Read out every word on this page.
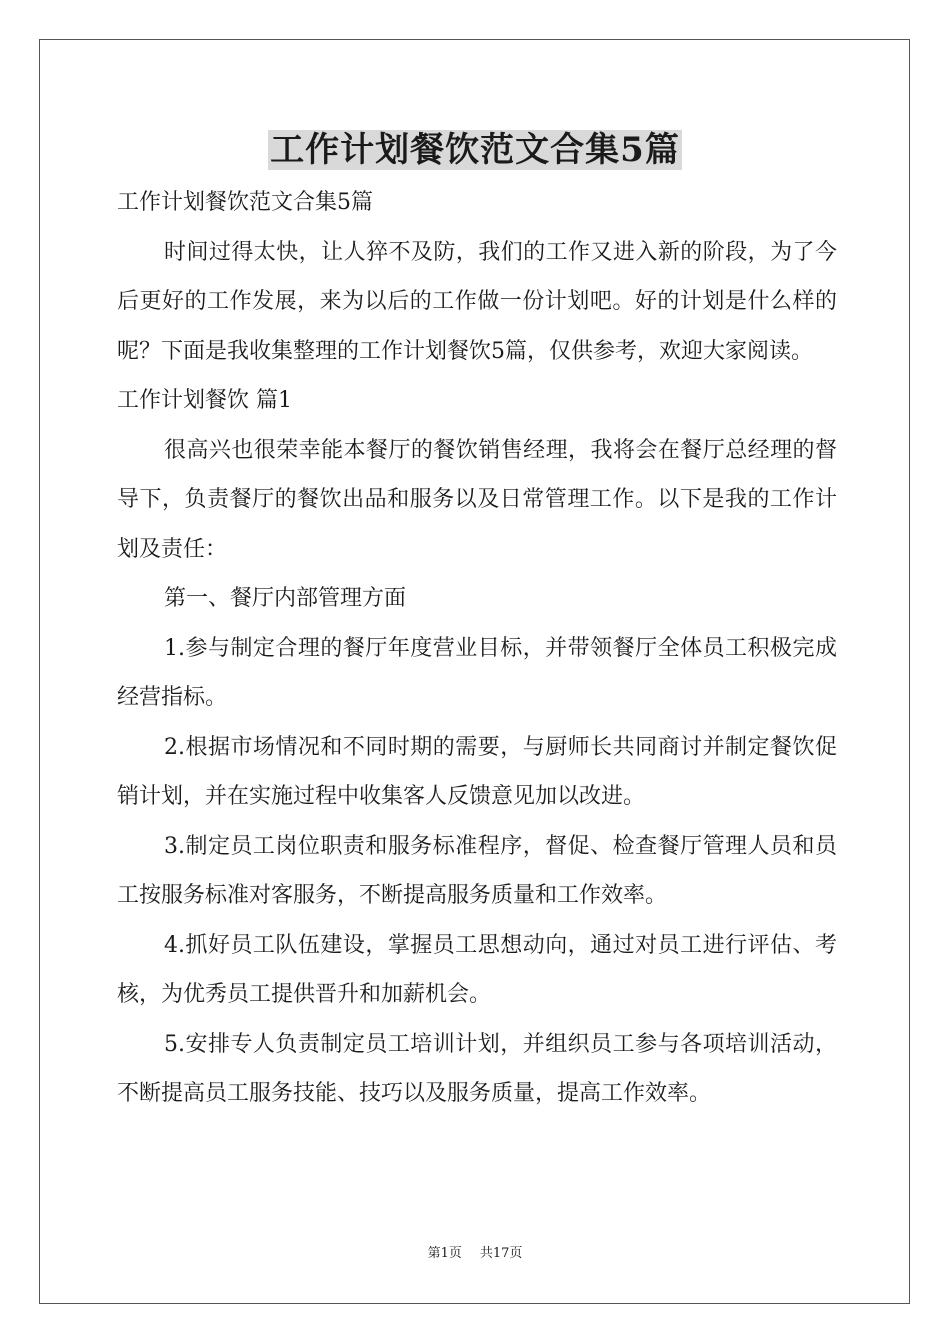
工作计划餐饮范文合集5篇

工作计划餐饮范文合集5篇

时间过得太快，让人猝不及防，我们的工作又进入新的阶段，为了今后更好的工作发展，来为以后的工作做一份计划吧。好的计划是什么样的呢？下面是我收集整理的工作计划餐饮5篇，仅供参考，欢迎大家阅读。

工作计划餐饮 篇1

很高兴也很荣幸能本餐厅的餐饮销售经理，我将会在餐厅总经理的督导下，负责餐厅的餐饮出品和服务以及日常管理工作。以下是我的工作计划及责任：

第一、餐厅内部管理方面

1.参与制定合理的餐厅年度营业目标，并带领餐厅全体员工积极完成经营指标。

2.根据市场情况和不同时期的需要，与厨师长共同商讨并制定餐饮促销计划，并在实施过程中收集客人反馈意见加以改进。

3.制定员工岗位职责和服务标准程序，督促、检查餐厅管理人员和员工按服务标准对客服务，不断提高服务质量和工作效率。

4.抓好员工队伍建设，掌握员工思想动向，通过对员工进行评估、考核，为优秀员工提供晋升和加薪机会。

5.安排专人负责制定员工培训计划，并组织员工参与各项培训活动，不断提高员工服务技能、技巧以及服务质量，提高工作效率。

第1页 共17页
